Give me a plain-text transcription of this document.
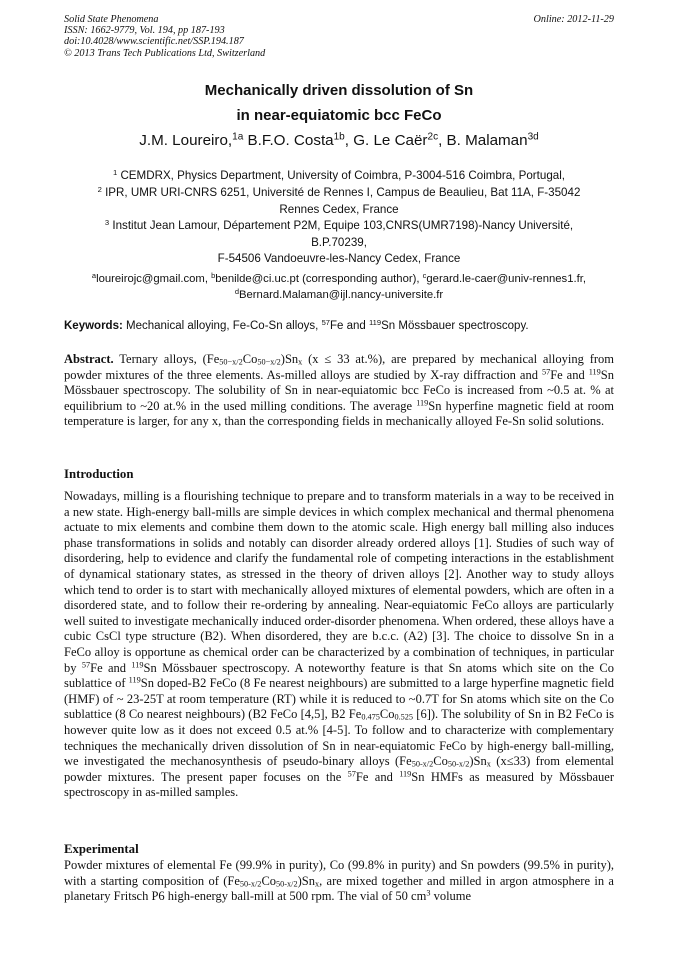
Solid State Phenomena
ISSN: 1662-9779, Vol. 194, pp 187-193
doi:10.4028/www.scientific.net/SSP.194.187
© 2013 Trans Tech Publications Ltd, Switzerland
Online: 2012-11-29
Mechanically driven dissolution of Sn
in near-equiatomic bcc FeCo
J.M. Loureiro,$^{1a}$ B.F.O. Costa$^{1b}$, G. Le Caër$^{2c}$, B. Malaman$^{3d}$
$^1$ CEMDRX, Physics Department, University of Coimbra, P-3004-516 Coimbra, Portugal,
$^2$ IPR, UMR URI-CNRS 6251, Université de Rennes I, Campus de Beaulieu, Bat 11A, F-35042
Rennes Cedex, France
$^3$ Institut Jean Lamour, Département P2M, Equipe 103,CNRS(UMR7198)-Nancy Université,
B.P.70239,
F-54506 Vandoeuvre-les-Nancy Cedex, France
$^a$loureirojc@gmail.com, $^b$benilde@ci.uc.pt (corresponding author), $^c$gerard.le-caer@univ-rennes1.fr,
$^d$Bernard.Malaman@ijl.nancy-universite.fr
Keywords: Mechanical alloying, Fe-Co-Sn alloys, $^{57}$Fe and $^{119}$Sn Mössbauer spectroscopy.
Abstract. Ternary alloys, $(Fe_{50-x/2}Co_{50-x/2})Sn_x$ (x ≤ 33 at.%), are prepared by mechanical alloying from powder mixtures of the three elements. As-milled alloys are studied by X-ray diffraction and $^{57}$Fe and $^{119}$Sn Mössbauer spectroscopy. The solubility of Sn in near-equiatomic bcc FeCo is increased from ~0.5 at. % at equilibrium to ~20 at.% in the used milling conditions. The average $^{119}$Sn hyperfine magnetic field at room temperature is larger, for any x, than the corresponding fields in mechanically alloyed Fe-Sn solid solutions.
Introduction
Nowadays, milling is a flourishing technique to prepare and to transform materials in a way to be received in a new state. High-energy ball-mills are simple devices in which complex mechanical and thermal phenomena actuate to mix elements and combine them down to the atomic scale. High energy ball milling also induces phase transformations in solids and notably can disorder already ordered alloys [1]. Studies of such way of disordering, help to evidence and clarify the fundamental role of competing interactions in the establishment of dynamical stationary states, as stressed in the theory of driven alloys [2]. Another way to study alloys which tend to order is to start with mechanically alloyed mixtures of elemental powders, which are often in a disordered state, and to follow their re-ordering by annealing. Near-equiatomic FeCo alloys are particularly well suited to investigate mechanically induced order-disorder phenomena. When ordered, these alloys have a cubic CsCl type structure (B2). When disordered, they are b.c.c. (A2) [3]. The choice to dissolve Sn in a FeCo alloy is opportune as chemical order can be characterized by a combination of techniques, in particular by $^{57}$Fe and $^{119}$Sn Mössbauer spectroscopy. A noteworthy feature is that Sn atoms which site on the Co sublattice of $^{119}$Sn doped-B2 FeCo (8 Fe nearest neighbours) are submitted to a large hyperfine magnetic field (HMF) of ~ 23-25T at room temperature (RT) while it is reduced to ~0.7T for Sn atoms which site on the Co sublattice (8 Co nearest neighbours) (B2 FeCo [4,5], B2 $Fe_{0.475}Co_{0.525}$ [6]). The solubility of Sn in B2 FeCo is however quite low as it does not exceed 0.5 at.% [4-5]. To follow and to characterize with complementary techniques the mechanically driven dissolution of Sn in near-equiatomic FeCo by high-energy ball-milling, we investigated the mechanosynthesis of pseudo-binary alloys $(Fe_{50-x/2}Co_{50-x/2})Sn_x$ (x≤33) from elemental powder mixtures. The present paper focuses on the $^{57}$Fe and $^{119}$Sn HMFs as measured by Mössbauer spectroscopy in as-milled samples.
Experimental
Powder mixtures of elemental Fe (99.9% in purity), Co (99.8% in purity) and Sn powders (99.5% in purity), with a starting composition of $(Fe_{50-x/2}Co_{50-x/2})Sn_x$, are mixed together and milled in argon atmosphere in a planetary Fritsch P6 high-energy ball-mill at 500 rpm. The vial of 50 $cm^3$ volume
